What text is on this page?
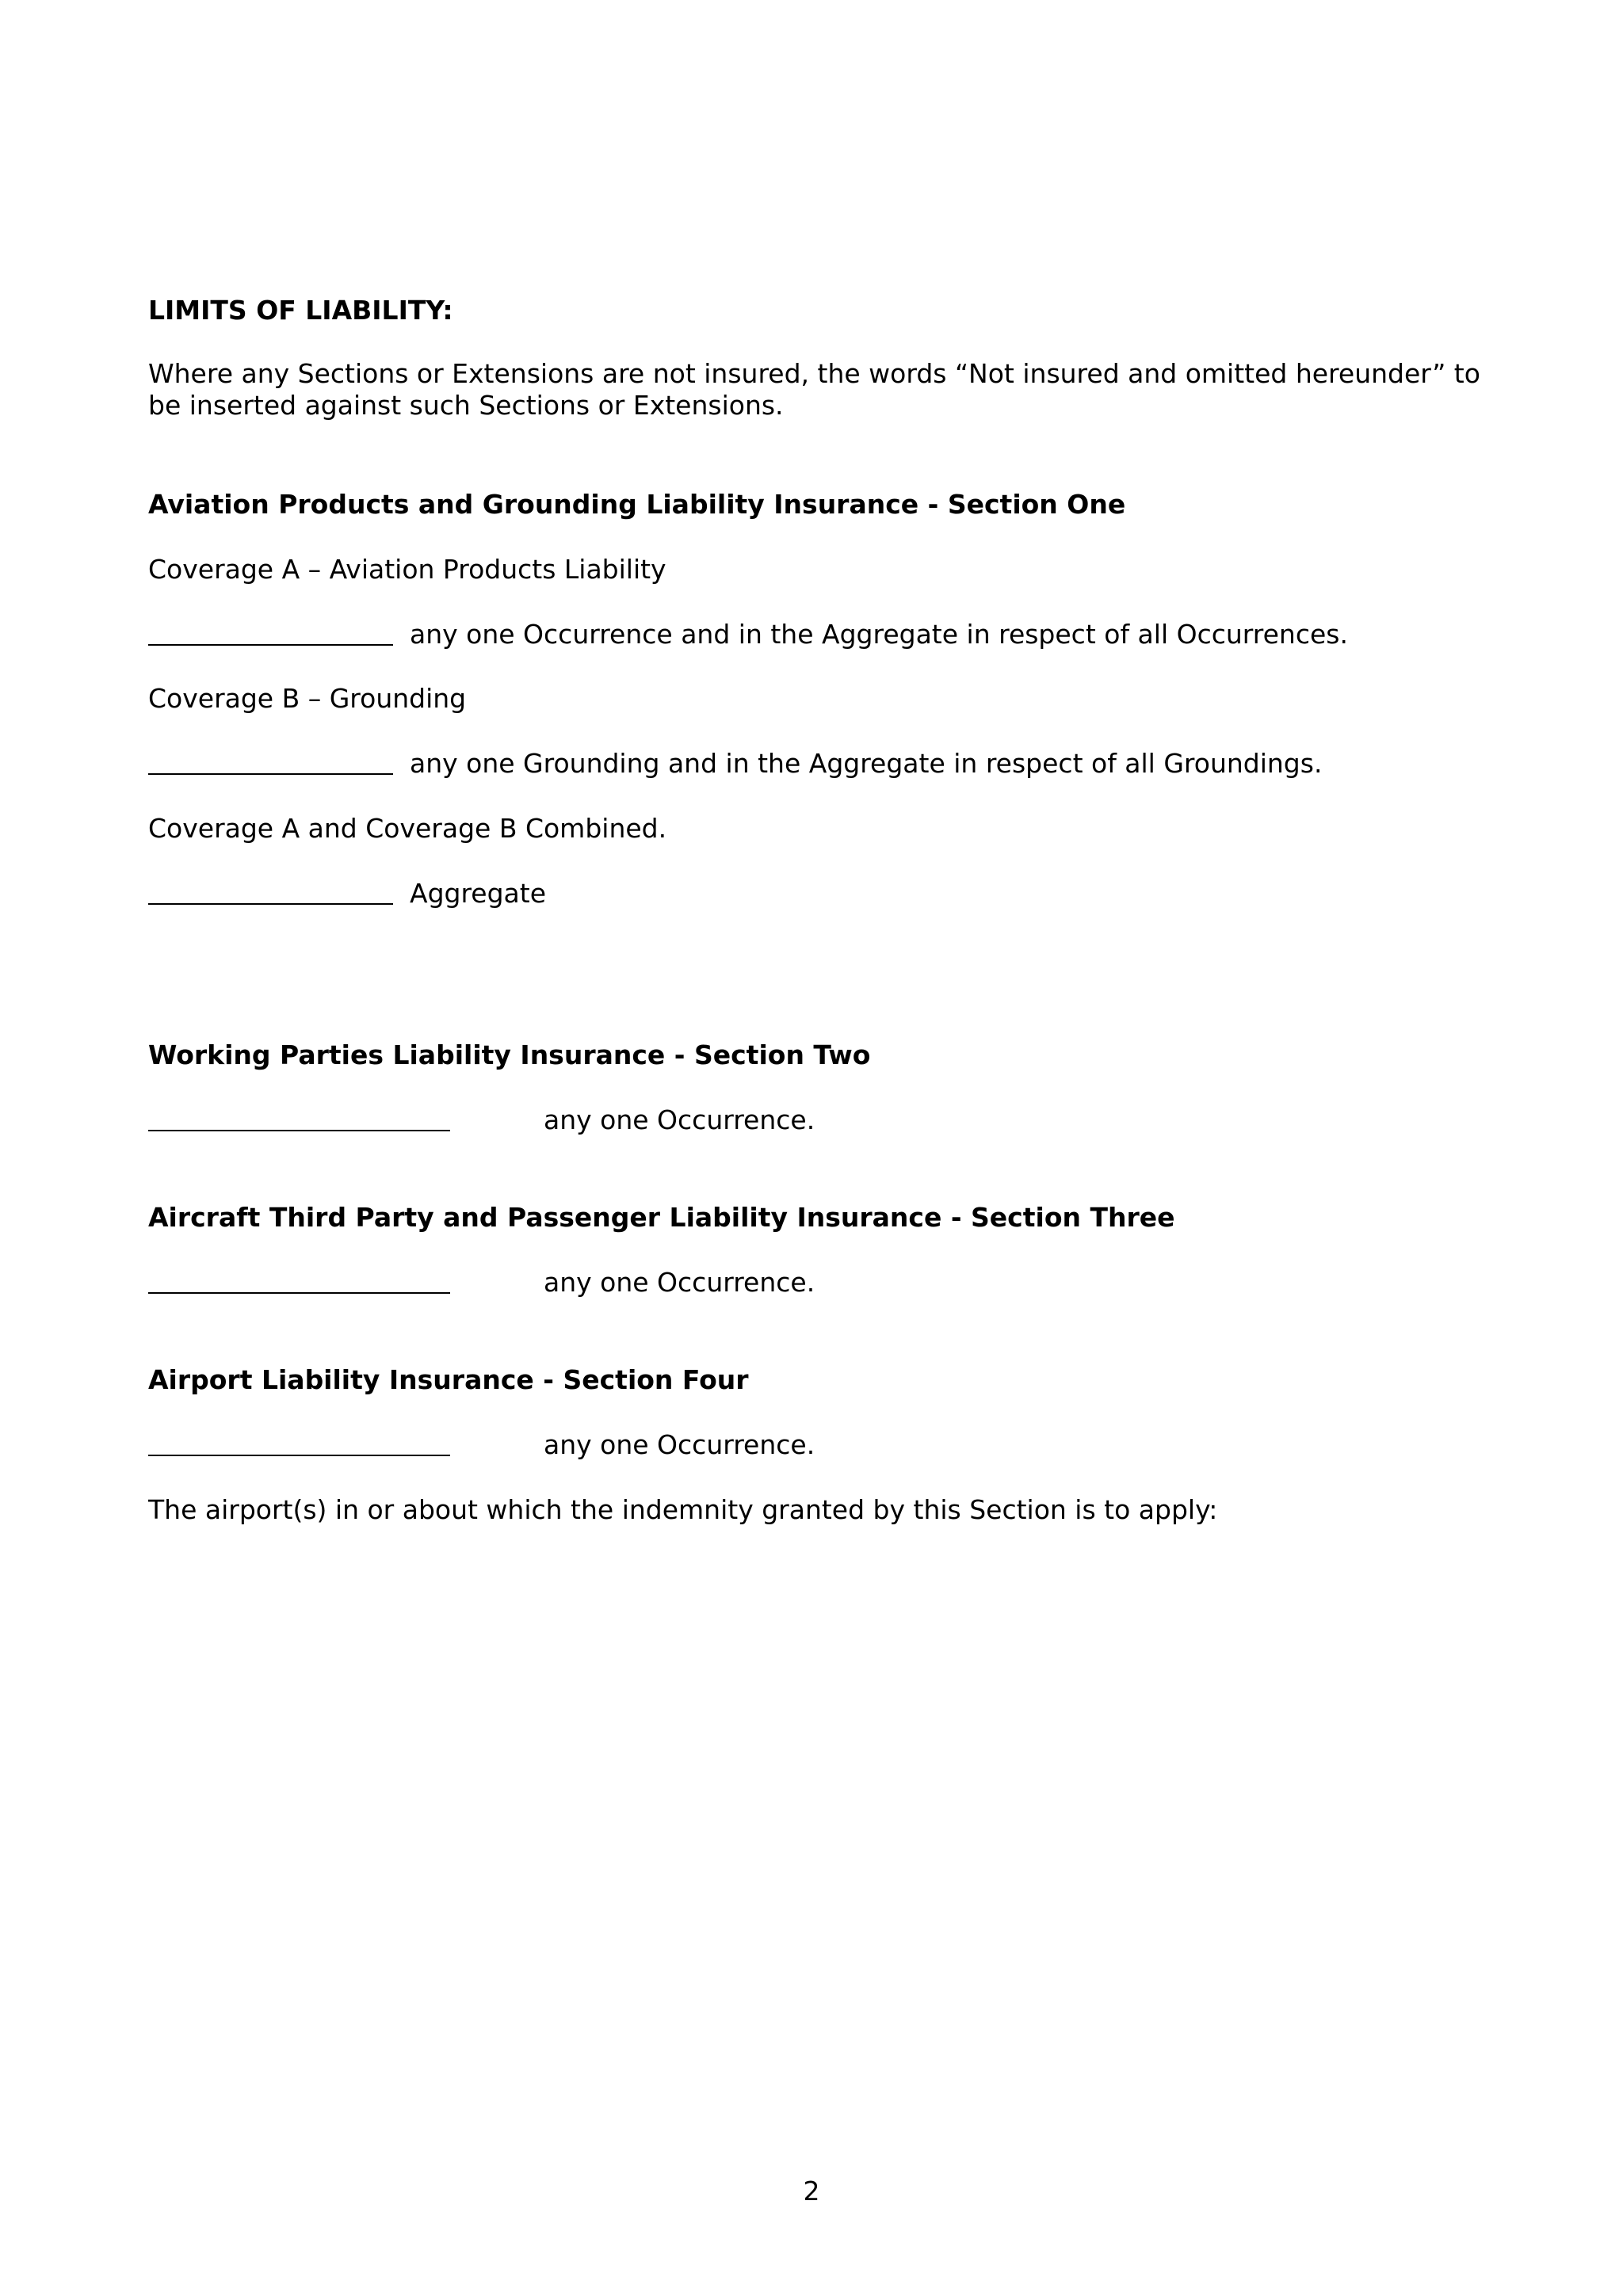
LIMITS OF LIABILITY:
Where any Sections or Extensions are not insured, the words “Not insured and omitted hereunder” to be inserted against such Sections or Extensions.
Aviation Products and Grounding Liability Insurance - Section One
Coverage A – Aviation Products Liability
any one Occurrence and in the Aggregate in respect of all Occurrences.
Coverage B – Grounding
any one Grounding and in the Aggregate in respect of all Groundings.
Coverage A and Coverage B Combined.
Aggregate
Working Parties Liability Insurance - Section Two
any one Occurrence.
Aircraft Third Party and Passenger Liability Insurance - Section Three
any one Occurrence.
Airport Liability Insurance - Section Four
any one Occurrence.
The airport(s) in or about which the indemnity granted by this Section is to apply:
2
